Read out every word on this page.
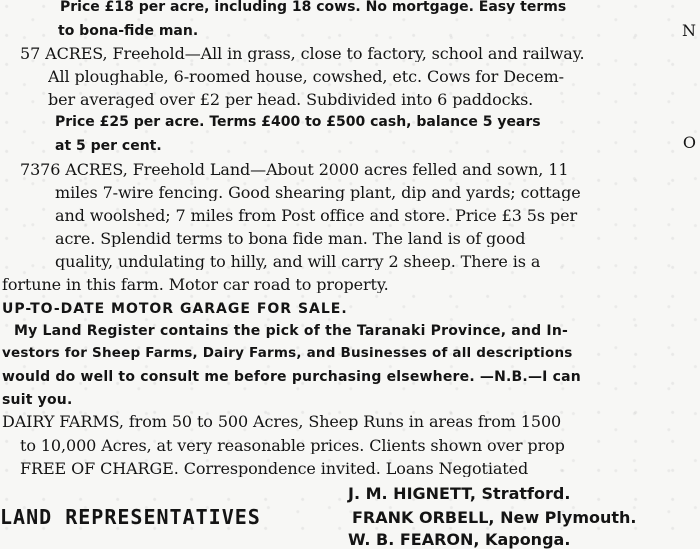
Price £18 per acre, including 18 cows. No mortgage. Easy terms
to bona-fide man.	N
57 ACRES, Freehold—All in grass, close to factory, school and railway.
All ploughable, 6-roomed house, cowshed, etc. Cows for Decem-
ber averaged over £2 per head. Subdivided into 6 paddocks.
Price £25 per acre. Terms £400 to £500 cash, balance 5 years
at 5 per cent.	O
7376 ACRES, Freehold Land—About 2000 acres felled and sown, 11
miles 7-wire fencing. Good shearing plant, dip and yards; cottage
and woolshed; 7 miles from Post office and store. Price £3 5s per
acre. Splendid terms to bona fide man. The land is of good
quality, undulating to hilly, and will carry 2 sheep. There is a
fortune in this farm. Motor car road to property.
UP-TO-DATE MOTOR GARAGE FOR SALE.
My Land Register contains the pick of the Taranaki Province, and In-
vestors for Sheep Farms, Dairy Farms, and Businesses of all descriptions
would do well to consult me before purchasing elsewhere. —N.B.—I can
suit you.
DAIRY FARMS, from 50 to 500 Acres, Sheep Runs in areas from 1500
to 10,000 Acres, at very reasonable prices. Clients shown over prop
FREE OF CHARGE. Correspondence invited. Loans Negotiated
LAND REPRESENTATIVES
J. M. HIGNETT, Stratford.
FRANK ORBELL, New Plymouth.
W. B. FEARON, Kaponga.
